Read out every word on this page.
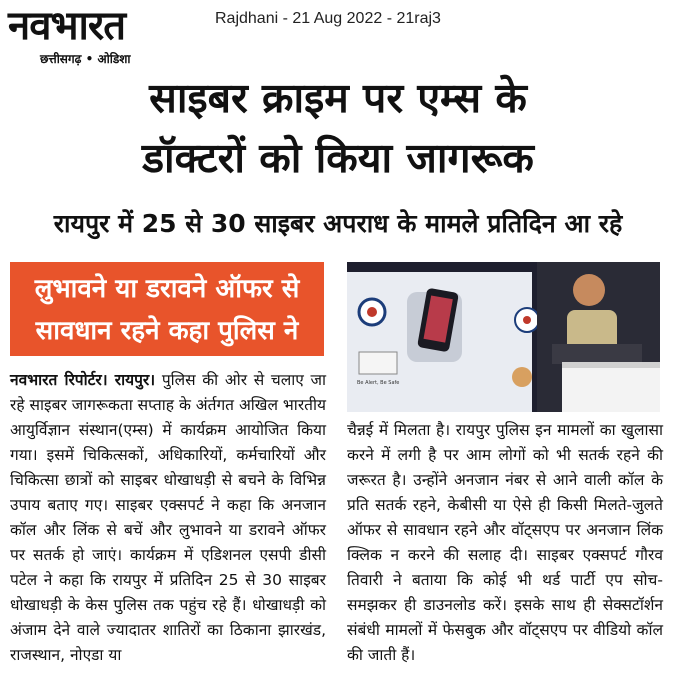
नवभारत
छत्तीसगढ़ • ओडिशा
Rajdhani - 21 Aug 2022 - 21raj3
साइबर क्राइम पर एम्स के
डॉक्टरों को किया जागरूक
रायपुर में 25 से 30 साइबर अपराध के मामले प्रतिदिन आ रहे
लुभावने या डरावने ऑफर से
सावधान रहने कहा पुलिस ने
Be Alert, Be Safe
नवभारत रिपोर्टर। रायपुर। पुलिस की ओर से चलाए जा रहे साइबर जागरूकता सप्ताह के अंर्तगत अखिल भारतीय आयुर्विज्ञान संस्थान(एम्स) में कार्यक्रम आयोजित किया गया। इसमें चिकित्सकों, अधिकारियों, कर्मचारियों और चिकित्सा छात्रों को साइबर धोखाधड़ी से बचने के विभिन्न उपाय बताए गए। साइबर एक्सपर्ट ने कहा कि अनजान कॉल और लिंक से बचें और लुभावने या डरावने ऑफर पर सतर्क हो जाएं। कार्यक्रम में एडिशनल एसपी डीसी पटेल ने कहा कि रायपुर में प्रतिदिन 25 से 30 साइबर धोखाधड़ी के केस पुलिस तक पहुंच रहे हैं। धोखाधड़ी को अंजाम देने वाले ज्यादातर शातिरों का ठिकाना झारखंड, राजस्थान, नोएडा या
चैन्नई में मिलता है। रायपुर पुलिस इन मामलों का खुलासा करने में लगी है पर आम लोगों को भी सतर्क रहने की जरूरत है। उन्होंने अनजान नंबर से आने वाली कॉल के प्रति सतर्क रहने, केबीसी या ऐसे ही किसी मिलते-जुलते ऑफर से सावधान रहने और वॉट्सएप पर अनजान लिंक क्लिक न करने की सलाह दी। साइबर एक्सपर्ट गौरव तिवारी ने बताया कि कोई भी थर्ड पार्टी एप सोच-समझकर ही डाउनलोड करें। इसके साथ ही सेक्सटॉर्शन संबंधी मामलों में फेसबुक और वॉट्सएप पर वीडियो कॉल की जाती हैं।
